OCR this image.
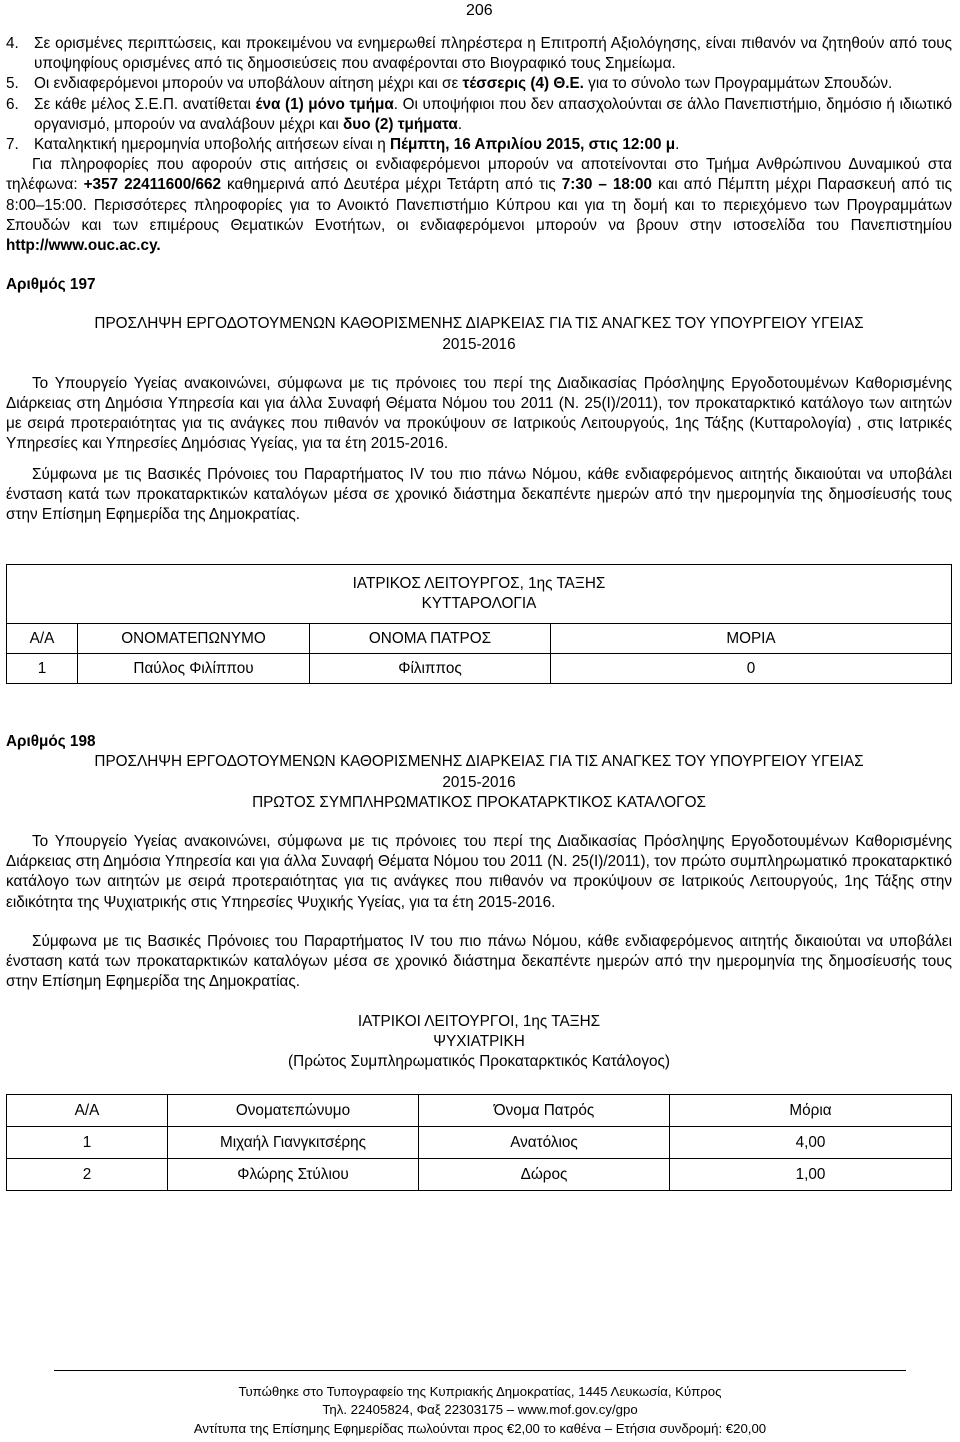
206
4. Σε ορισμένες περιπτώσεις, και προκειμένου να ενημερωθεί πληρέστερα η Επιτροπή Αξιολόγησης, είναι πιθανόν να ζητηθούν από τους υποψηφίους ορισμένες από τις δημοσιεύσεις που αναφέρονται στο Βιογραφικό τους Σημείωμα.
5. Οι ενδιαφερόμενοι μπορούν να υποβάλουν αίτηση μέχρι και σε τέσσερις (4) Θ.Ε. για το σύνολο των Προγραμμάτων Σπουδών.
6. Σε κάθε μέλος Σ.Ε.Π. ανατίθεται ένα (1) μόνο τμήμα. Οι υποψήφιοι που δεν απασχολούνται σε άλλο Πανεπιστήμιο, δημόσιο ή ιδιωτικό οργανισμό, μπορούν να αναλάβουν μέχρι και δυο (2) τμήματα.
7. Καταληκτική ημερομηνία υποβολής αιτήσεων είναι η Πέμπτη, 16 Απριλίου 2015, στις 12:00 μ.
Για πληροφορίες που αφορούν στις αιτήσεις οι ενδιαφερόμενοι μπορούν να αποτείνονται στο Τμήμα Ανθρώπινου Δυναμικού στα τηλέφωνα: +357 22411600/662 καθημερινά από Δευτέρα μέχρι Τετάρτη από τις 7:30 – 18:00 και από Πέμπτη μέχρι Παρασκευή από τις 8:00–15:00. Περισσότερες πληροφορίες για το Ανοικτό Πανεπιστήμιο Κύπρου και για τη δομή και το περιεχόμενο των Προγραμμάτων Σπουδών και των επιμέρους Θεματικών Ενοτήτων, οι ενδιαφερόμενοι μπορούν να βρουν στην ιστοσελίδα του Πανεπιστημίου http://www.ouc.ac.cy.
Αριθμός 197
ΠΡΟΣΛΗΨΗ ΕΡΓΟΔΟΤΟΥΜΕΝΩΝ ΚΑΘΟΡΙΣΜΕΝΗΣ ΔΙΑΡΚΕΙΑΣ ΓΙΑ ΤΙΣ ΑΝΑΓΚΕΣ ΤΟΥ ΥΠΟΥΡΓΕΙΟΥ ΥΓΕΙΑΣ
2015-2016
Το Υπουργείο Υγείας ανακοινώνει, σύμφωνα με τις πρόνοιες του περί της Διαδικασίας Πρόσληψης Εργοδοτουμένων Καθορισμένης Διάρκειας στη Δημόσια Υπηρεσία και για άλλα Συναφή Θέματα Νόμου του 2011 (Ν. 25(Ι)/2011), τον προκαταρκτικό κατάλογο των αιτητών με σειρά προτεραιότητας για τις ανάγκες που πιθανόν να προκύψουν σε Ιατρικούς Λειτουργούς, 1ης Τάξης (Κυτταρολογία) , στις Ιατρικές Υπηρεσίες και Υπηρεσίες Δημόσιας Υγείας, για τα έτη 2015-2016.
Σύμφωνα με τις Βασικές Πρόνοιες του Παραρτήματος IV του πιο πάνω Νόμου, κάθε ενδιαφερόμενος αιτητής δικαιούται να υποβάλει ένσταση κατά των προκαταρκτικών καταλόγων μέσα σε χρονικό διάστημα δεκαπέντε ημερών από την ημερομηνία της δημοσίευσής τους στην Επίσημη Εφημερίδα της Δημοκρατίας.
ΙΑΤΡΙΚΟΣ ΛΕΙΤΟΥΡΓΟΣ, 1ης ΤΑΞΗΣ
ΚΥΤΤΑΡΟΛΟΓΙΑ			

Α/Α	ΟΝΟΜΑΤΕΠΩΝΥΜΟ	ΟΝΟΜΑ ΠΑΤΡΟΣ	ΜΟΡΙΑ
1	Παύλος Φιλίππου	Φίλιππος	0
Αριθμός 198
ΠΡΟΣΛΗΨΗ ΕΡΓΟΔΟΤΟΥΜΕΝΩΝ ΚΑΘΟΡΙΣΜΕΝΗΣ ΔΙΑΡΚΕΙΑΣ ΓΙΑ ΤΙΣ ΑΝΑΓΚΕΣ ΤΟΥ ΥΠΟΥΡΓΕΙΟΥ ΥΓΕΙΑΣ
2015-2016
ΠΡΩΤΟΣ ΣΥΜΠΛΗΡΩΜΑΤΙΚΟΣ ΠΡΟΚΑΤΑΡΚΤΙΚΟΣ ΚΑΤΑΛΟΓΟΣ
Το Υπουργείο Υγείας ανακοινώνει, σύμφωνα με τις πρόνοιες του περί της Διαδικασίας Πρόσληψης Εργοδοτουμένων Καθορισμένης Διάρκειας στη Δημόσια Υπηρεσία και για άλλα Συναφή Θέματα Νόμου του 2011 (Ν. 25(Ι)/2011), τον πρώτο συμπληρωματικό προκαταρκτικό κατάλογο των αιτητών με σειρά προτεραιότητας για τις ανάγκες που πιθανόν να προκύψουν σε Ιατρικούς Λειτουργούς, 1ης Τάξης στην ειδικότητα της Ψυχιατρικής στις Υπηρεσίες Ψυχικής Υγείας, για τα έτη 2015-2016.
Σύμφωνα με τις Βασικές Πρόνοιες του Παραρτήματος IV του πιο πάνω Νόμου, κάθε ενδιαφερόμενος αιτητής δικαιούται να υποβάλει ένσταση κατά των προκαταρκτικών καταλόγων μέσα σε χρονικό διάστημα δεκαπέντε ημερών από την ημερομηνία της δημοσίευσής τους στην Επίσημη Εφημερίδα της Δημοκρατίας.
ΙΑΤΡΙΚΟΙ ΛΕΙΤΟΥΡΓΟΙ, 1ης ΤΑΞΗΣ
ΨΥΧΙΑΤΡΙΚΗ
(Πρώτος Συμπληρωματικός Προκαταρκτικός Κατάλογος)
Α/Α	Ονοματεπώνυμο	Όνομα Πατρός	Μόρια
1	Μιχαήλ Γιανγκιτσέρης	Ανατόλιος	4,00
2	Φλώρης Στύλιου	Δώρος	1,00
Τυπώθηκε στο Τυπογραφείο της Κυπριακής Δημοκρατίας, 1445 Λευκωσία, Κύπρος
Τηλ. 22405824, Φαξ 22303175 – www.mof.gov.cy/gpo
Αντίτυπα της Επίσημης Εφημερίδας πωλούνται προς €2,00 το καθένα – Ετήσια συνδρομή: €20,00
